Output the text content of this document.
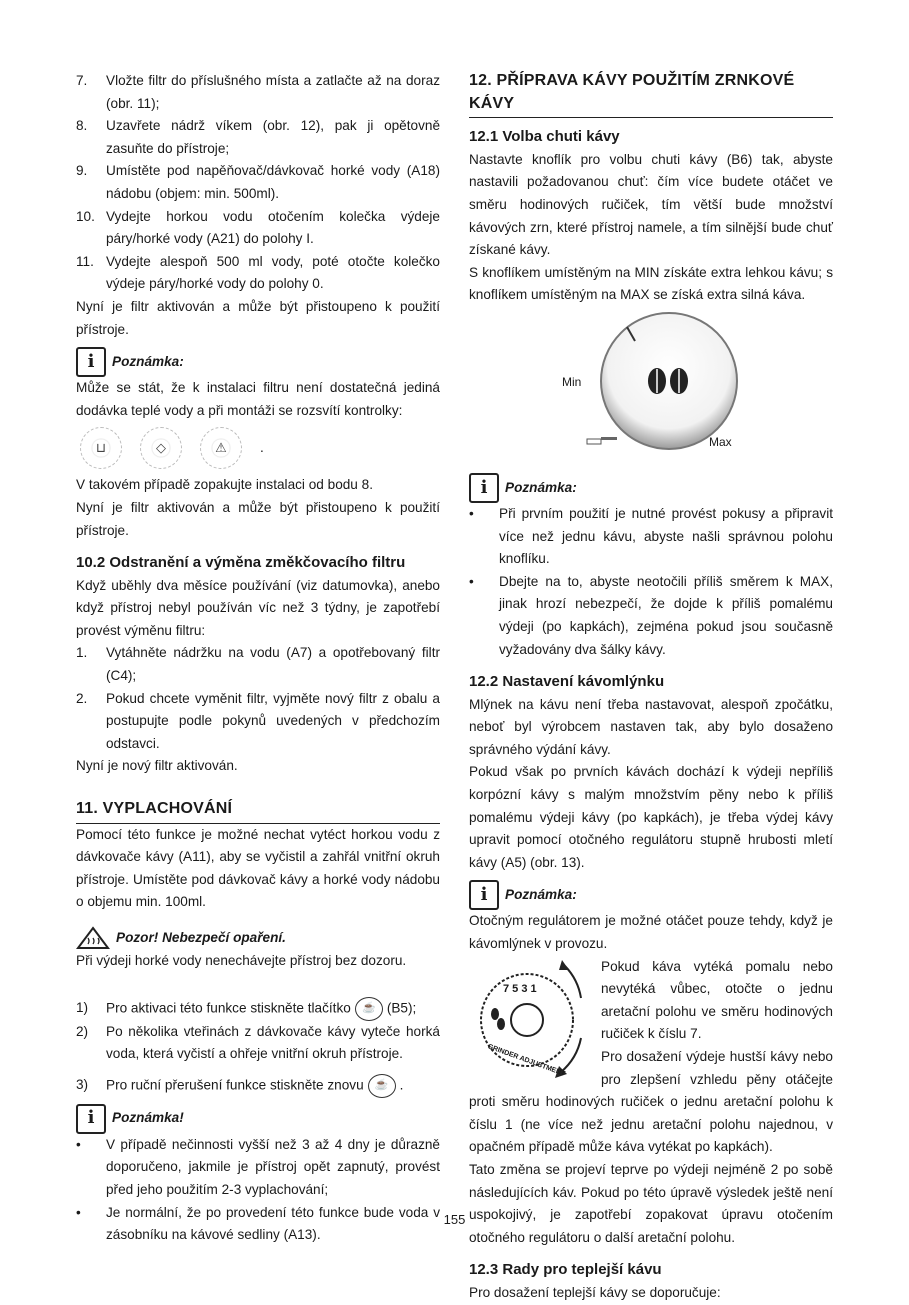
7. Vložte filtr do příslušného místa a zatlačte až na doraz (obr. 11);
8. Uzavřete nádrž víkem (obr. 12), pak ji opětovně zasuňte do přístroje;
9. Umístěte pod napěňovač/dávkovač horké vody (A18) nádobu (objem: min. 500ml).
10. Vydejte horkou vodu otočením kolečka výdeje páry/horké vody (A21) do polohy I.
11. Vydejte alespoň 500 ml vody, poté otočte kolečko výdeje páry/horké vody do polohy 0.

Nyní je filtr aktivován a může být přistoupeno k použití přístroje.

i	Poznámka:

Může se stát, že k instalaci filtru není dostatečná jediná dodávka teplé vody a při montáži se rozsvítí kontrolky:

⊔	◇	⚠	.

V takovém případě zopakujte instalaci od bodu 8.

Nyní je filtr aktivován a může být přistoupeno k použití přístroje.

10.2 Odstranění a výměna změkčovacího filtru

Když uběhly dva měsíce používání (viz datumovka), anebo když přístroj nebyl používán víc než 3 týdny, je zapotřebí provést výměnu filtru:

1. Vytáhněte nádržku na vodu (A7) a opotřebovaný filtr (C4);
2. Pokud chcete vyměnit filtr, vyjměte nový filtr z obalu a postupujte podle pokynů uvedených v předchozím odstavci.

Nyní je nový filtr aktivován.

11. VYPLACHOVÁNÍ

Pomocí této funkce je možné nechat vytéct horkou vodu z dávkovače kávy (A11), aby se vyčistil a zahřál vnitřní okruh přístroje. Umístěte pod dávkovač kávy a horké vody nádobu o objemu min. 100ml.

Pozor! Nebezpečí opaření.

Při výdeji horké vody nenechávejte přístroj bez dozoru.

1) Pro aktivaci této funkce stiskněte tlačítko ☕ (B5);
2) Po několika vteřinách z dávkovače kávy vyteče horká voda, která vyčistí a ohřeje vnitřní okruh přístroje.
3) Pro ruční přerušení funkce stiskněte znovu ☕ .
i	Poznámka!
• V případě nečinnosti vyšší než 3 až 4 dny je důrazně doporučeno, jakmile je přístroj opět zapnutý, provést před jeho použitím 2-3 vyplachování;
• Je normální, že po provedení této funkce bude voda v zásobníku na kávové sedliny (A13).
12. PŘÍPRAVA KÁVY POUŽITÍM ZRNKOVÉ KÁVY
12.1 Volba chuti kávy

Nastavte knoflík pro volbu chuti kávy (B6) tak, abyste nastavili požadovanou chuť: čím více budete otáčet ve směru hodinových ručiček, tím větší bude množství kávových zrn, které přístroj namele, a tím silnější bude chuť získané kávy.

S knoflíkem umístěným na MIN získáte extra lehkou kávu; s knoflíkem umístěným na MAX se získá extra silná káva.

Min
Max
i	Poznámka:
• Při prvním použití je nutné provést pokusy a připravit více než jednu kávu, abyste našli správnou polohu knoflíku.
• Dbejte na to, abyste neotočili příliš směrem k MAX, jinak hrozí nebezpečí, že dojde k příliš pomalému výdeji (po kapkách), zejména pokud jsou současně vyžadovány dva šálky kávy.
12.2 Nastavení kávomlýnku

Mlýnek na kávu není třeba nastavovat, alespoň zpočátku, neboť byl výrobcem nastaven tak, aby bylo dosaženo správného výdání kávy.

Pokud však po prvních kávách dochází k výdeji nepříliš korpózní kávy s malým množstvím pěny nebo k příliš pomalému výdeji kávy (po kapkách), je třeba výdej kávy upravit pomocí otočného regulátoru stupně hrubosti mletí kávy (A5) (obr. 13).

i	Poznámka:

Otočným regulátorem je možné otáčet pouze tehdy, když je kávomlýnek v provozu.

7 5 3 1
GRINDER ADJUSTMENT

Pokud káva vytéká pomalu nebo nevytéká vůbec, otočte o jednu aretační polohu ve směru hodinových ručiček k číslu 7.

Pro dosažení výdeje hustší kávy nebo pro zlepšení vzhledu pěny otáčejte proti směru hodinových ručiček o jednu aretační polohu k číslu 1 (ne více než jednu aretační polohu najednou, v opačném případě může káva vytékat po kapkách).

Tato změna se projeví teprve po výdeji nejméně 2 po sobě následujících káv. Pokud po této úpravě výsledek ještě není uspokojivý, je zapotřebí zopakovat úpravu otočením otočného regulátoru o další aretační polohu.

12.3 Rady pro teplejší kávu

Pro dosažení teplejší kávy se doporučuje:

155
